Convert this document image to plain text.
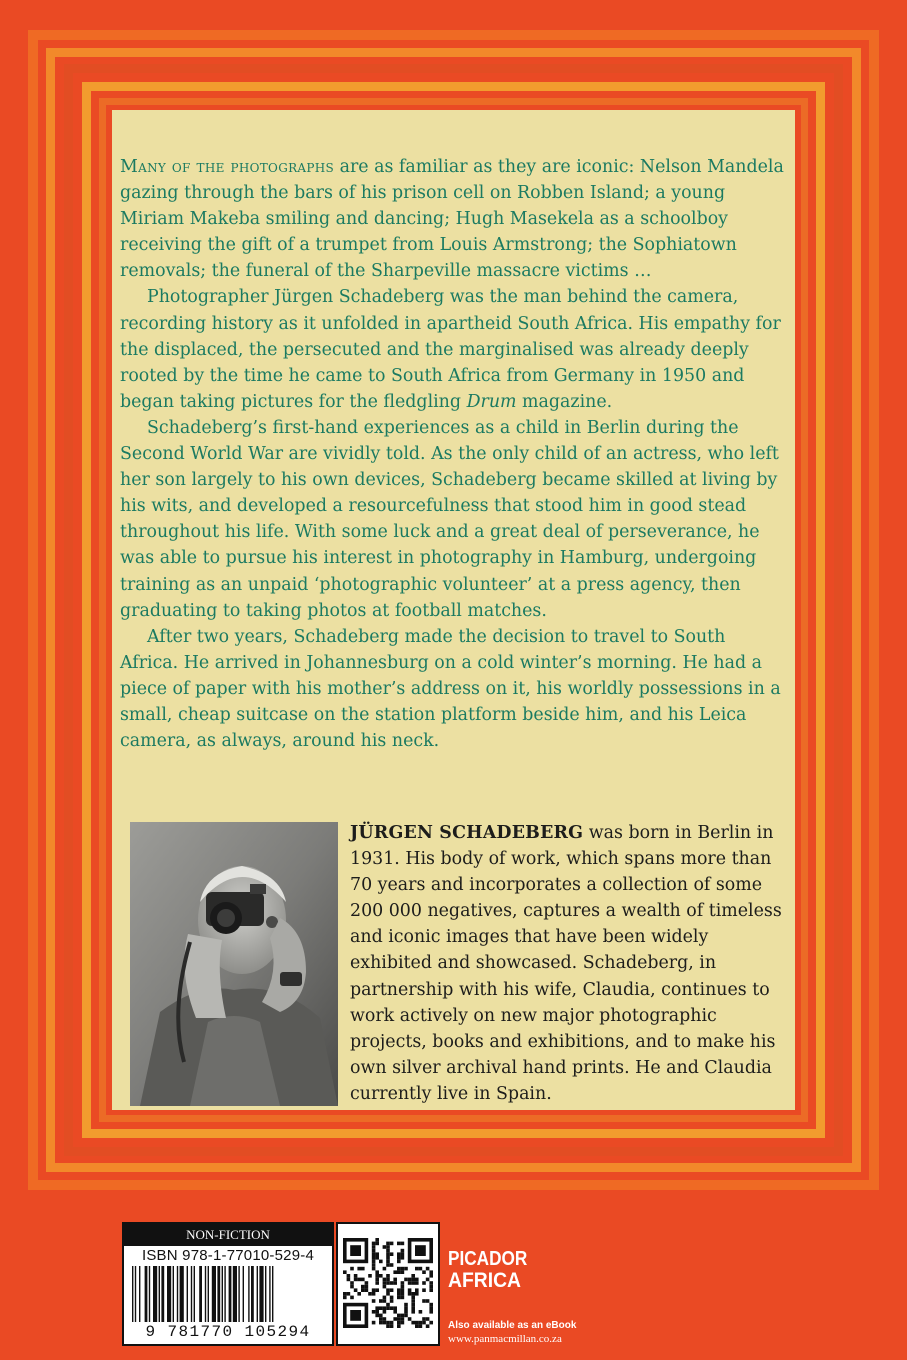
Many of the photographs are as familiar as they are iconic: Nelson Mandela gazing through the bars of his prison cell on Robben Island; a young Miriam Makeba smiling and dancing; Hugh Masekela as a schoolboy receiving the gift of a trumpet from Louis Armstrong; the Sophiatown removals; the funeral of the Sharpeville massacre victims …

Photographer Jürgen Schadeberg was the man behind the camera, recording history as it unfolded in apartheid South Africa. His empathy for the displaced, the persecuted and the marginalised was already deeply rooted by the time he came to South Africa from Germany in 1950 and began taking pictures for the fledgling Drum magazine.

Schadeberg’s first-hand experiences as a child in Berlin during the Second World War are vividly told. As the only child of an actress, who left her son largely to his own devices, Schadeberg became skilled at living by his wits, and developed a resourcefulness that stood him in good stead throughout his life. With some luck and a great deal of perseverance, he was able to pursue his interest in photography in Hamburg, undergoing training as an unpaid ‘photographic volunteer’ at a press agency, then graduating to taking photos at football matches.

After two years, Schadeberg made the decision to travel to South Africa. He arrived in Johannesburg on a cold winter’s morning. He had a piece of paper with his mother’s address on it, his worldly possessions in a small, cheap suitcase on the station platform beside him, and his Leica camera, as always, around his neck.

JÜRGEN SCHADEBERG was born in Berlin in 1931. His body of work, which spans more than 70 years and incorporates a collection of some 200 000 negatives, captures a wealth of timeless and iconic images that have been widely exhibited and showcased. Schadeberg, in partnership with his wife, Claudia, continues to work actively on new major photographic projects, books and exhibitions, and to make his own silver archival hand prints. He and Claudia currently live in Spain.

NON-FICTION
ISBN 978-1-77010-529-4
9 781770 105294
PICADOR
AFRICA
Also available as an eBook
www.panmacmillan.co.za
